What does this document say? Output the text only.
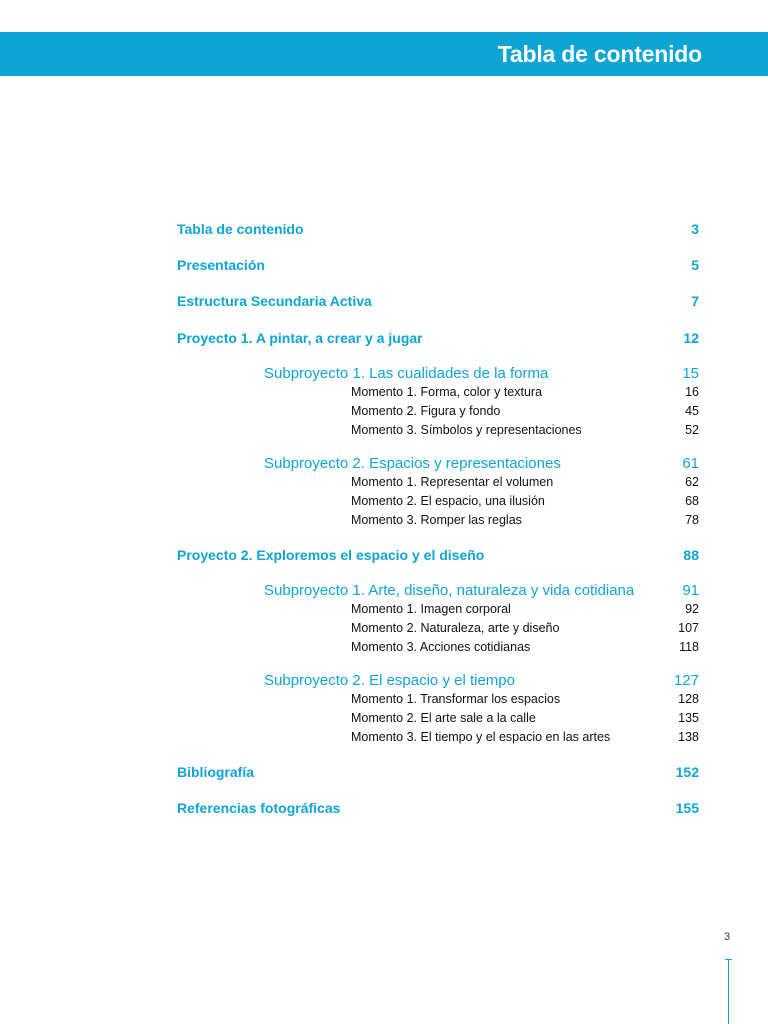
Tabla de contenido
Tabla de contenido	3
Presentación	5
Estructura Secundaria Activa	7
Proyecto 1. A pintar, a crear y a jugar	12
Subproyecto 1. Las cualidades de la forma	15
Momento 1. Forma, color y textura	16
Momento 2. Figura y fondo	45
Momento 3. Símbolos y representaciones	52
Subproyecto 2. Espacios y representaciones	61
Momento 1. Representar el volumen	62
Momento 2. El espacio, una ilusión	68
Momento 3. Romper las reglas	78
Proyecto 2. Exploremos el espacio y el diseño	88
Subproyecto 1. Arte, diseño, naturaleza y vida cotidiana	91
Momento 1. Imagen corporal	92
Momento 2. Naturaleza, arte y diseño	107
Momento 3. Acciones cotidianas	118
Subproyecto 2. El espacio y el tiempo	127
Momento 1. Transformar los espacios	128
Momento 2. El arte sale a la calle	135
Momento 3. El tiempo y el espacio en las artes	138
Bibliografía	152
Referencias fotográficas	155
3
